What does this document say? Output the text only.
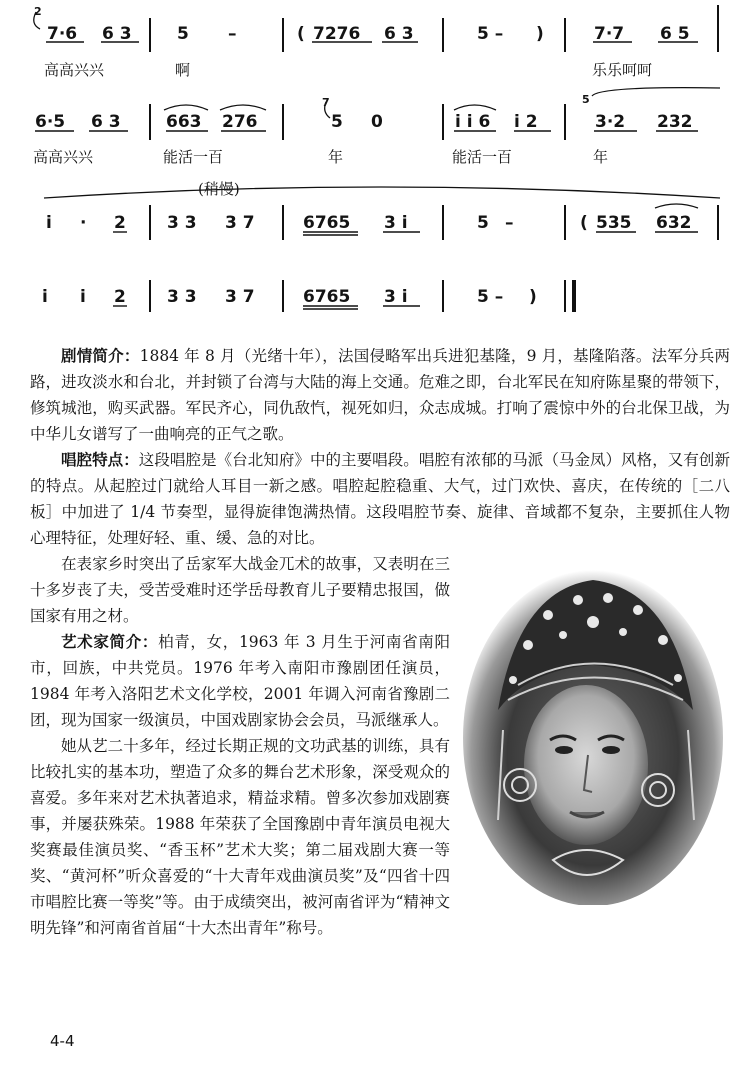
2
7·6 6 3	5 –	( 7276 6 3	5 – )	7·7 6 5
高高兴兴	啊	乐乐呵呵
6·5 6 3	663 276
7
5 0	i i 6 i 2
5
3·2 232
高高兴兴	能活一百	年	能活一百	年
(稍慢)
i · 2 3 3 3 7	6765 3 i	5 –	( 535 632
i i 2 3 3 3 7	6765 3 i	5 – )

剧情简介：1884 年 8 月（光绪十年），法国侵略军出兵进犯基隆，9 月，基隆陷落。法军分兵两路，进攻淡水和台北，并封锁了台湾与大陆的海上交通。危难之即，台北军民在知府陈星聚的带领下，修筑城池，购买武器。军民齐心，同仇敌忾，视死如归，众志成城。打响了震惊中外的台北保卫战，为中华儿女谱写了一曲响亮的正气之歌。

唱腔特点：这段唱腔是《台北知府》中的主要唱段。唱腔有浓郁的马派（马金凤）风格，又有创新的特点。从起腔过门就给人耳目一新之感。唱腔起腔稳重、大气，过门欢快、喜庆，在传统的［二八板］中加进了 1/4 节奏型，显得旋律饱满热情。这段唱腔节奏、旋律、音域都不复杂，主要抓住人物心理特征，处理好轻、重、缓、急的对比。

在表家乡时突出了岳家军大战金兀术的故事，又表明在三十多岁丧了夫，受苦受难时还学岳母教育儿子要精忠报国，做国家有用之材。

艺术家简介：柏青，女，1963 年 3 月生于河南省南阳市，回族，中共党员。1976 年考入南阳市豫剧团任演员，1984 年考入洛阳艺术文化学校，2001 年调入河南省豫剧二团，现为国家一级演员，中国戏剧家协会会员，马派继承人。

她从艺二十多年，经过长期正规的文功武基的训练，具有比较扎实的基本功，塑造了众多的舞台艺术形象，深受观众的喜爱。多年来对艺术执著追求，精益求精。曾多次参加戏剧赛事，并屡获殊荣。1988 年荣获了全国豫剧中青年演员电视大奖赛最佳演员奖、“香玉杯”艺术大奖；第二届戏剧大赛一等奖、“黄河杯”听众喜爱的“十大青年戏曲演员奖”及“四省十四市唱腔比赛一等奖”等。由于成绩突出，被河南省评为“精神文明先锋”和河南省首届“十大杰出青年”称号。

4-4
